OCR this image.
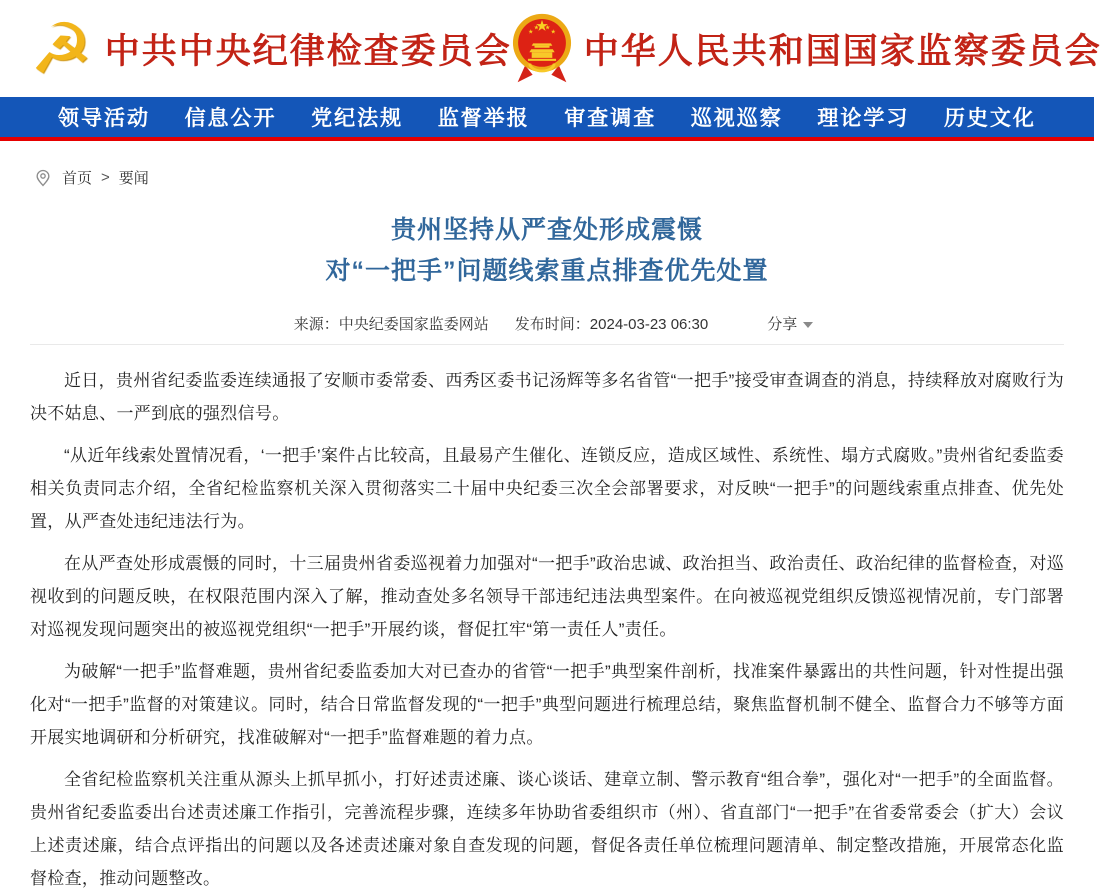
☭ 中共中央纪律检查委员会 中华人民共和国国家监察委员会
领导活动 信息公开 党纪法规 监督举报 审查调查 巡视巡察 理论学习 历史文化
首页 > 要闻
贵州坚持从严查处形成震慑
对“一把手”问题线索重点排查优先处置
来源：中央纪委国家监委网站 发布时间：2024-03-23 06:30	分享

近日，贵州省纪委监委连续通报了安顺市委常委、西秀区委书记汤辉等多名省管“一把手”接受审查调查的消息，持续释放对腐败行为决不姑息、一严到底的强烈信号。

“从近年线索处置情况看，‘一把手’案件占比较高，且最易产生催化、连锁反应，造成区域性、系统性、塌方式腐败。”贵州省纪委监委相关负责同志介绍，全省纪检监察机关深入贯彻落实二十届中央纪委三次全会部署要求，对反映“一把手”的问题线索重点排查、优先处置，从严查处违纪违法行为。

在从严查处形成震慑的同时，十三届贵州省委巡视着力加强对“一把手”政治忠诚、政治担当、政治责任、政治纪律的监督检查，对巡视收到的问题反映，在权限范围内深入了解，推动查处多名领导干部违纪违法典型案件。在向被巡视党组织反馈巡视情况前，专门部署对巡视发现问题突出的被巡视党组织“一把手”开展约谈，督促扛牢“第一责任人”责任。

为破解“一把手”监督难题，贵州省纪委监委加大对已查办的省管“一把手”典型案件剖析，找准案件暴露出的共性问题，针对性提出强化对“一把手”监督的对策建议。同时，结合日常监督发现的“一把手”典型问题进行梳理总结，聚焦监督机制不健全、监督合力不够等方面开展实地调研和分析研究，找准破解对“一把手”监督难题的着力点。

全省纪检监察机关注重从源头上抓早抓小，打好述责述廉、谈心谈话、建章立制、警示教育“组合拳”，强化对“一把手”的全面监督。贵州省纪委监委出台述责述廉工作指引，完善流程步骤，连续多年协助省委组织市（州）、省直部门“一把手”在省委常委会（扩大）会议上述责述廉，结合点评指出的问题以及各述责述廉对象自查发现的问题，督促各责任单位梳理问题清单、制定整改措施，开展常态化监督检查，推动问题整改。
